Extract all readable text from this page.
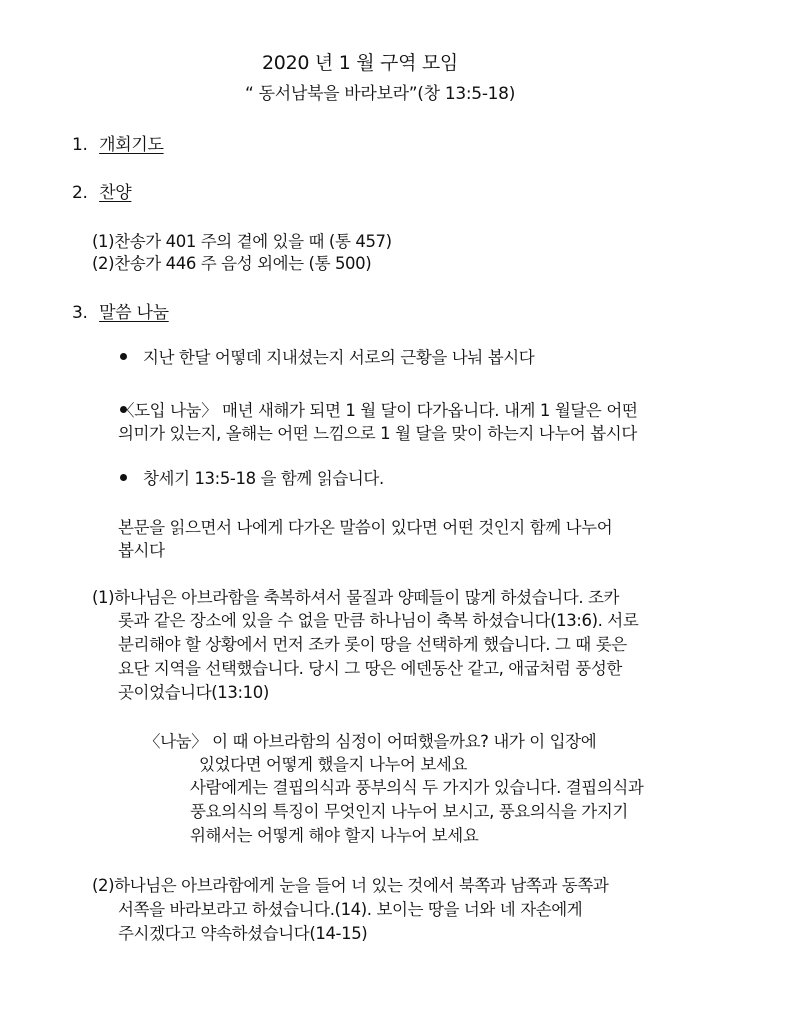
2020 년 1 월 구역 모임
“ 동서남북을 바라보라”(창 13:5-18)
1. 개회기도
2. 찬양
(1)찬송가 401 주의 곁에 있을 때 (통 457)
(2)찬송가 446 주 음성 외에는 (통 500)
3. 말씀 나눔
지난 한달 어떻데 지내셨는지 서로의 근황을 나눠 봅시다
〈도입 나눔〉 매년 새해가 되면 1 월 달이 다가옵니다. 내게 1 월달은 어떤
의미가 있는지, 올해는 어떤 느낌으로 1 월 달을 맞이 하는지 나누어 봅시다
창세기 13:5-18 을 함께 읽습니다.
본문을 읽으면서 나에게 다가온 말씀이 있다면 어떤 것인지 함께 나누어
봅시다
(1)하나님은 아브라함을 축복하셔서 물질과 양떼들이 많게 하셨습니다. 조카
롯과 같은 장소에 있을 수 없을 만큼 하나님이 축복 하셨습니다(13:6). 서로
분리해야 할 상황에서 먼저 조카 롯이 땅을 선택하게 했습니다. 그 때 롯은
요단 지역을 선택했습니다. 당시 그 땅은 에덴동산 같고, 애굽처럼 풍성한
곳이었습니다(13:10)
〈나눔〉 이 때 아브라함의 심정이 어떠했을까요? 내가 이 입장에
있었다면 어떻게 했을지 나누어 보세요
사람에게는 결핍의식과 풍부의식 두 가지가 있습니다. 결핍의식과
풍요의식의 특징이 무엇인지 나누어 보시고, 풍요의식을 가지기
위해서는 어떻게 해야 할지 나누어 보세요
(2)하나님은 아브라함에게 눈을 들어 너 있는 것에서 북쪽과 남쪽과 동쪽과
서쪽을 바라보라고 하셨습니다.(14). 보이는 땅을 너와 네 자손에게
주시겠다고 약속하셨습니다(14-15)
